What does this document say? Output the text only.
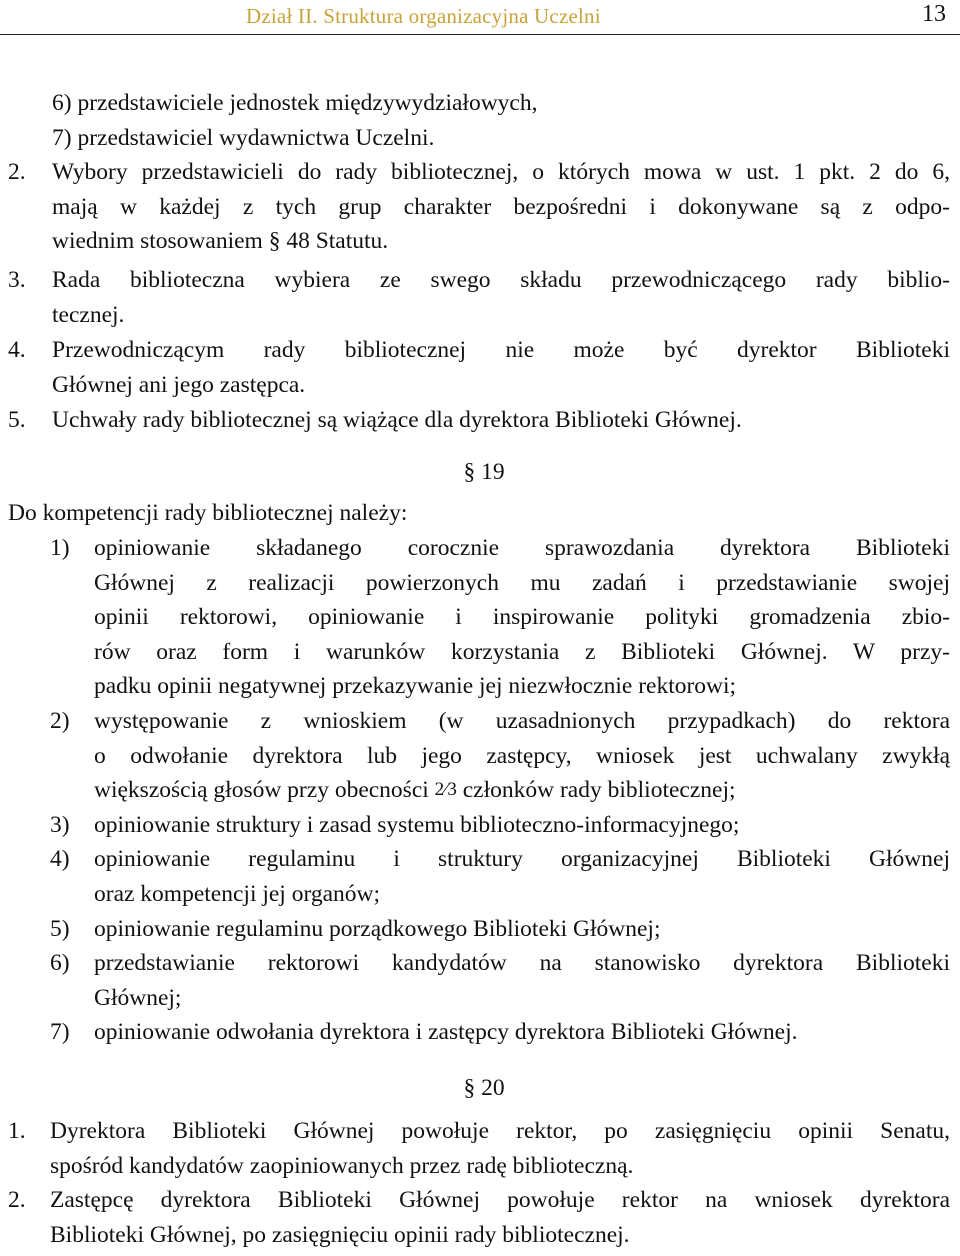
Dział II. Struktura organizacyjna Uczelni	13
6) przedstawiciele jednostek międzywydziałowych,
7) przedstawiciel wydawnictwa Uczelni.
2.	Wybory przedstawicieli do rady bibliotecznej, o których mowa w ust. 1 pkt. 2 do 6,
mają w każdej z tych grup charakter bezpośredni i dokonywane są z odpo-
wiednim stosowaniem § 48 Statutu.
3.	Rada biblioteczna wybiera ze swego składu przewodniczącego rady biblio-
tecznej.
4.	Przewodniczącym rady bibliotecznej nie może być dyrektor Biblioteki
Głównej ani jego zastępca.
5.	Uchwały rady bibliotecznej są wiążące dla dyrektora Biblioteki Głównej.
§ 19
Do kompetencji rady bibliotecznej należy:
1)	opiniowanie składanego corocznie sprawozdania dyrektora Biblioteki
Głównej z realizacji powierzonych mu zadań i przedstawianie swojej
opinii rektorowi, opiniowanie i inspirowanie polityki gromadzenia zbio-
rów oraz form i warunków korzystania z Biblioteki Głównej. W przy-
padku opinii negatywnej przekazywanie jej niezwłocznie rektorowi;
2)	występowanie z wnioskiem (w uzasadnionych przypadkach) do rektora
o odwołanie dyrektora lub jego zastępcy, wniosek jest uchwalany zwykłą
większością głosów przy obecności 2⁄3 członków rady bibliotecznej;
3)	opiniowanie struktury i zasad systemu biblioteczno-informacyjnego;
4)	opiniowanie regulaminu i struktury organizacyjnej Biblioteki Głównej
oraz kompetencji jej organów;
5)	opiniowanie regulaminu porządkowego Biblioteki Głównej;
6)	przedstawianie rektorowi kandydatów na stanowisko dyrektora Biblioteki
Głównej;
7)	opiniowanie odwołania dyrektora i zastępcy dyrektora Biblioteki Głównej.
§ 20
1.	Dyrektora Biblioteki Głównej powołuje rektor, po zasięgnięciu opinii Senatu,
spośród kandydatów zaopiniowanych przez radę biblioteczną.
2.	Zastępcę dyrektora Biblioteki Głównej powołuje rektor na wniosek dyrektora
Biblioteki Głównej, po zasięgnięciu opinii rady bibliotecznej.
